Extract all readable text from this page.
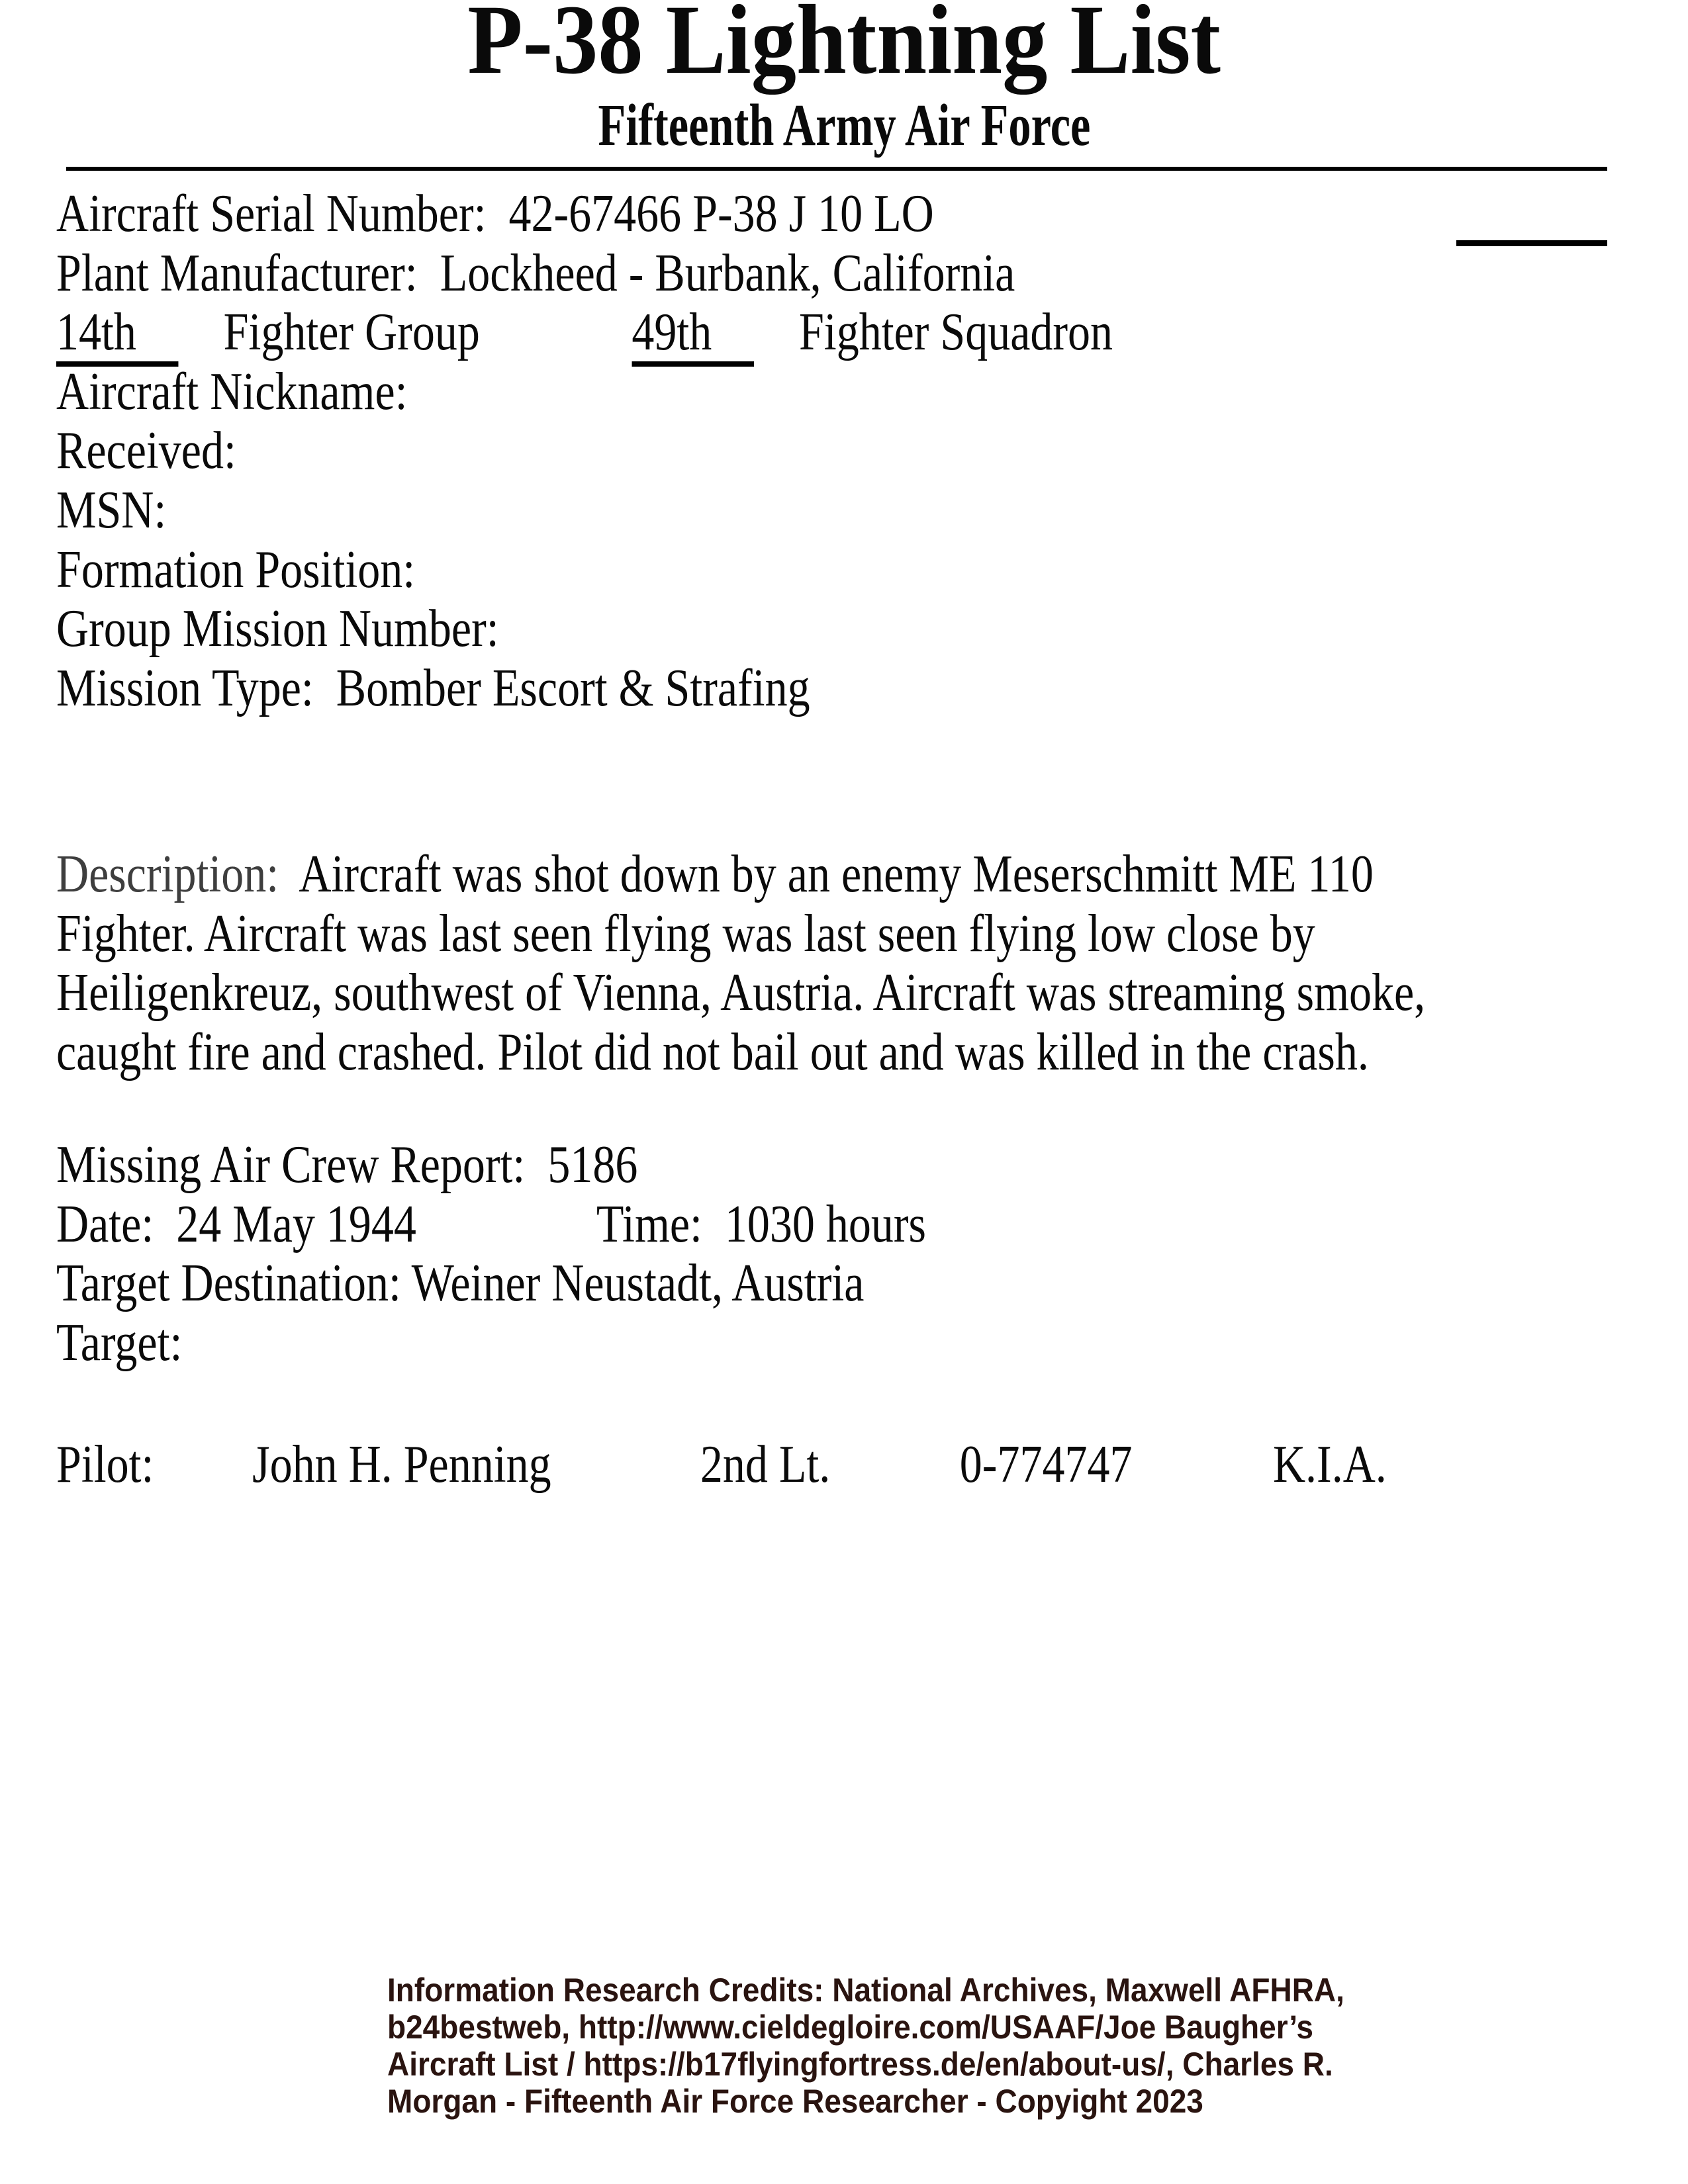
P-38 Lightning List
Fifteenth Army Air Force
Aircraft Serial Number:  42-67466 P-38 J 10 LO
Plant Manufacturer:  Lockheed - Burbank, California
14th Fighter Group	49th Fighter Squadron
Aircraft Nickname:
Received:
MSN:
Formation Position:
Group Mission Number:
Mission Type:  Bomber Escort & Strafing
Description:  Aircraft was shot down by an enemy Meserschmitt ME 110
Fighter. Aircraft was last seen flying was last seen flying low close by
Heiligenkreuz, southwest of Vienna, Austria. Aircraft was streaming smoke,
caught fire and crashed. Pilot did not bail out and was killed in the crash.
Missing Air Crew Report:  5186
Date:  24 May 1944	Time:  1030 hours
Target Destination: Weiner Neustadt, Austria
Target:
Pilot: John H. Penning	2nd Lt. 0-774747	K.I.A.
Information Research Credits: National Archives, Maxwell AFHRA,
b24bestweb, http://www.cieldegloire.com/USAAF/Joe Baugher’s
Aircraft List / https://b17flyingfortress.de/en/about-us/, Charles R.
Morgan - Fifteenth Air Force Researcher - Copyight 2023
